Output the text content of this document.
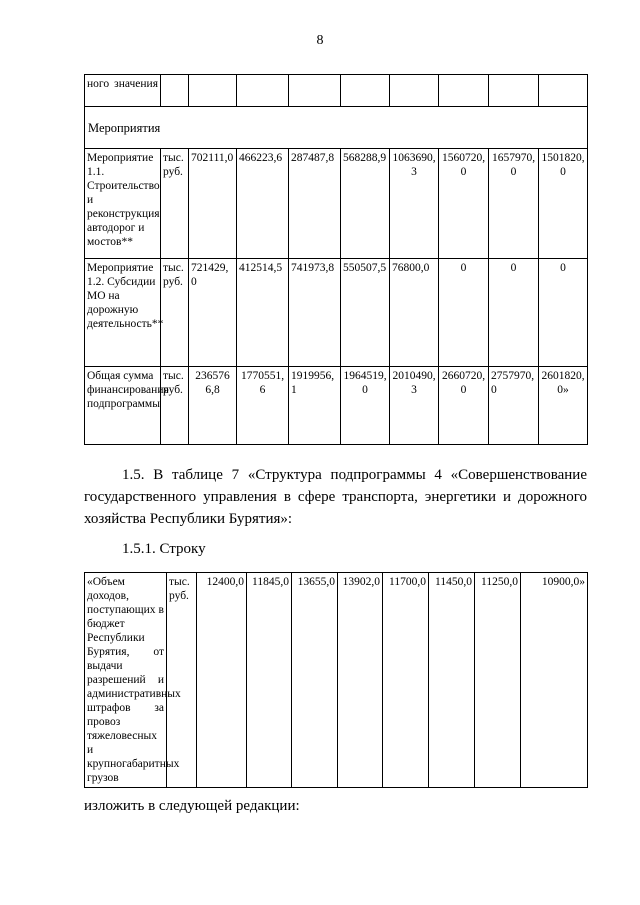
8
ного значения									
Мероприятия									
Мероприятие 1.1. Строительство и реконструкция автодорог и мостов**	тыс. руб.	702111,0	466223,6	287487,8	568288,9	1063690,3	1560720,0	1657970,0	1501820,0
Мероприятие 1.2. Субсидии МО на дорожную деятельность**	тыс. руб.	721429,0	412514,5	741973,8	550507,5	76800,0	0	0	0
Общая сумма финансирования подпрограммы	тыс. руб.	2365766,8	1770551,6	1919956,1	1964519,0	2010490,3	2660720,0	2757970,0	2601820,0»
1.5. В таблице 7 «Структура подпрограммы 4 «Совершенствование государственного управления в сфере транспорта, энергетики и дорожного хозяйства Республики Бурятия»:
1.5.1. Строку
«Объем доходов, поступающих в бюджет Республики Бурятия, от выдачи разрешений и административных штрафов за провоз тяжеловесных и крупногабаритных грузов	тыс. руб.	12400,0	11845,0	13655,0	13902,0	11700,0	11450,0	11250,0	10900,0»
изложить в следующей редакции:
